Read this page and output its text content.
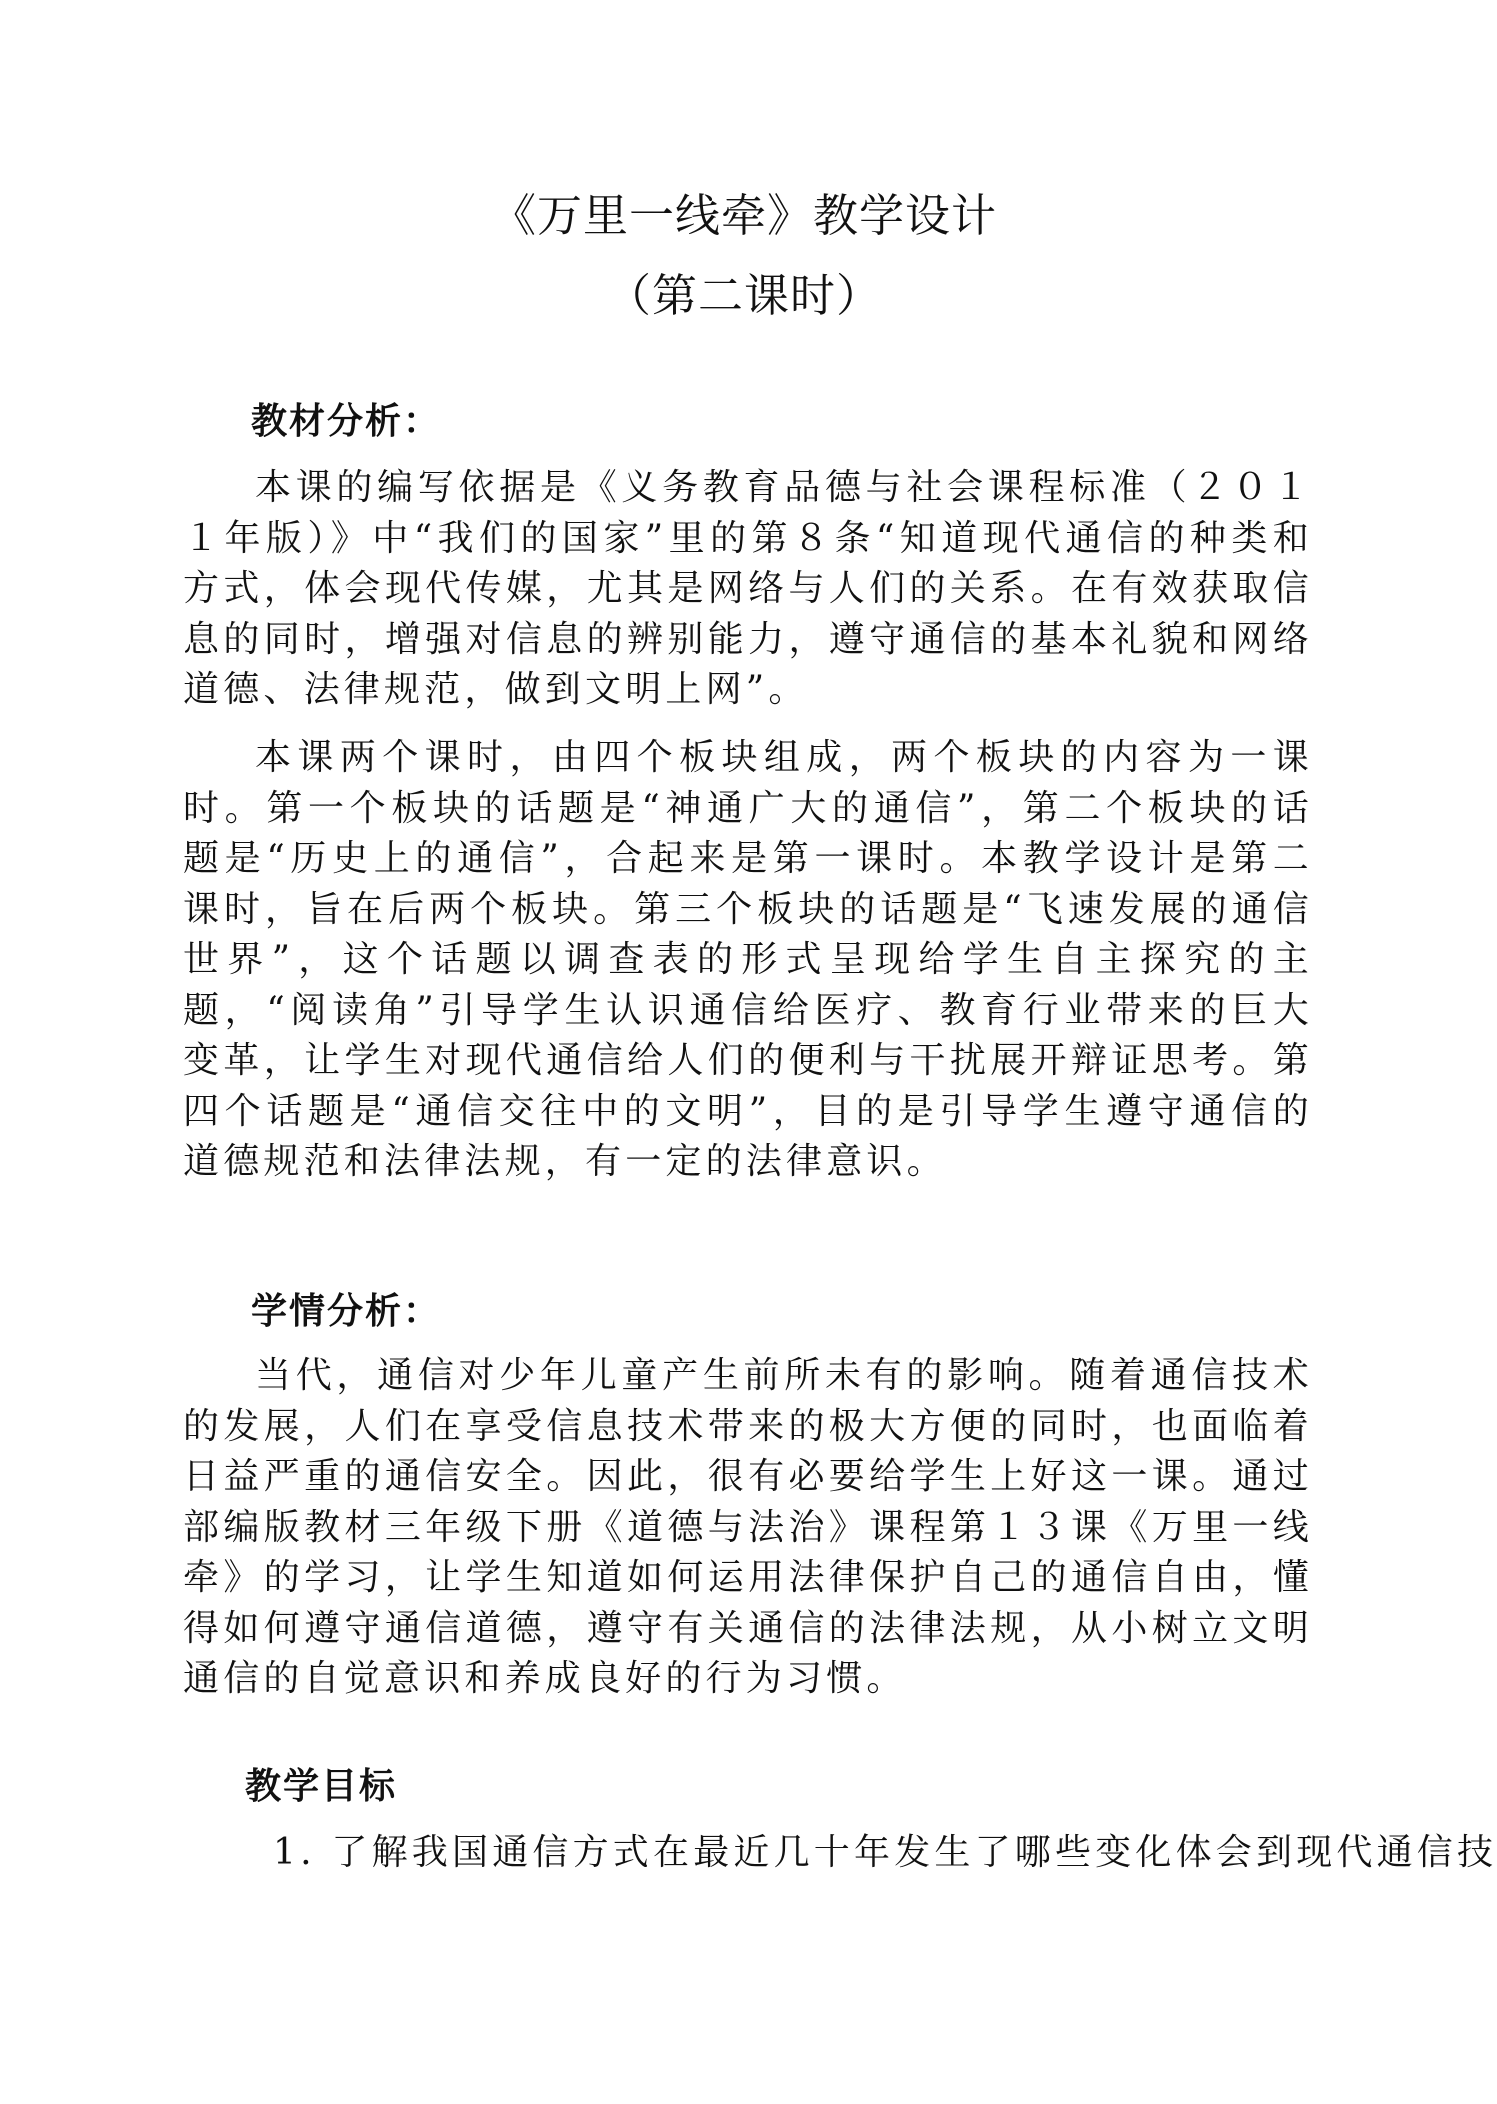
《万里一线牵》教学设计
（第二课时）
教材分析：

本课的编写依据是《义务教育品德与社会课程标准（２０１１年版）》中“我们的国家”里的第８条“知道现代通信的种类和方式，体会现代传媒，尤其是网络与人们的关系。在有效获取信息的同时，增强对信息的辨别能力，遵守通信的基本礼貌和网络道德、法律规范，做到文明上网”。

本课两个课时，由四个板块组成，两个板块的内容为一课时。第一个板块的话题是“神通广大的通信”，第二个板块的话题是“历史上的通信”，合起来是第一课时。本教学设计是第二课时，旨在后两个板块。第三个板块的话题是“飞速发展的通信世界”，这个话题以调查表的形式呈现给学生自主探究的主题，“阅读角”引导学生认识通信给医疗、教育行业带来的巨大变革，让学生对现代通信给人们的便利与干扰展开辩证思考。第四个话题是“通信交往中的文明”，目的是引导学生遵守通信的道德规范和法律法规，有一定的法律意识。

学情分析：

当代，通信对少年儿童产生前所未有的影响。随着通信技术的发展，人们在享受信息技术带来的极大方便的同时，也面临着日益严重的通信安全。因此，很有必要给学生上好这一课。通过部编版教材三年级下册《道德与法治》课程第１３课《万里一线牵》的学习，让学生知道如何运用法律保护自己的通信自由，懂得如何遵守通信道德，遵守有关通信的法律法规，从小树立文明通信的自觉意识和养成良好的行为习惯。

教学目标

1. 了解我国通信方式在最近几十年发生了哪些变化体会到现代通信技
